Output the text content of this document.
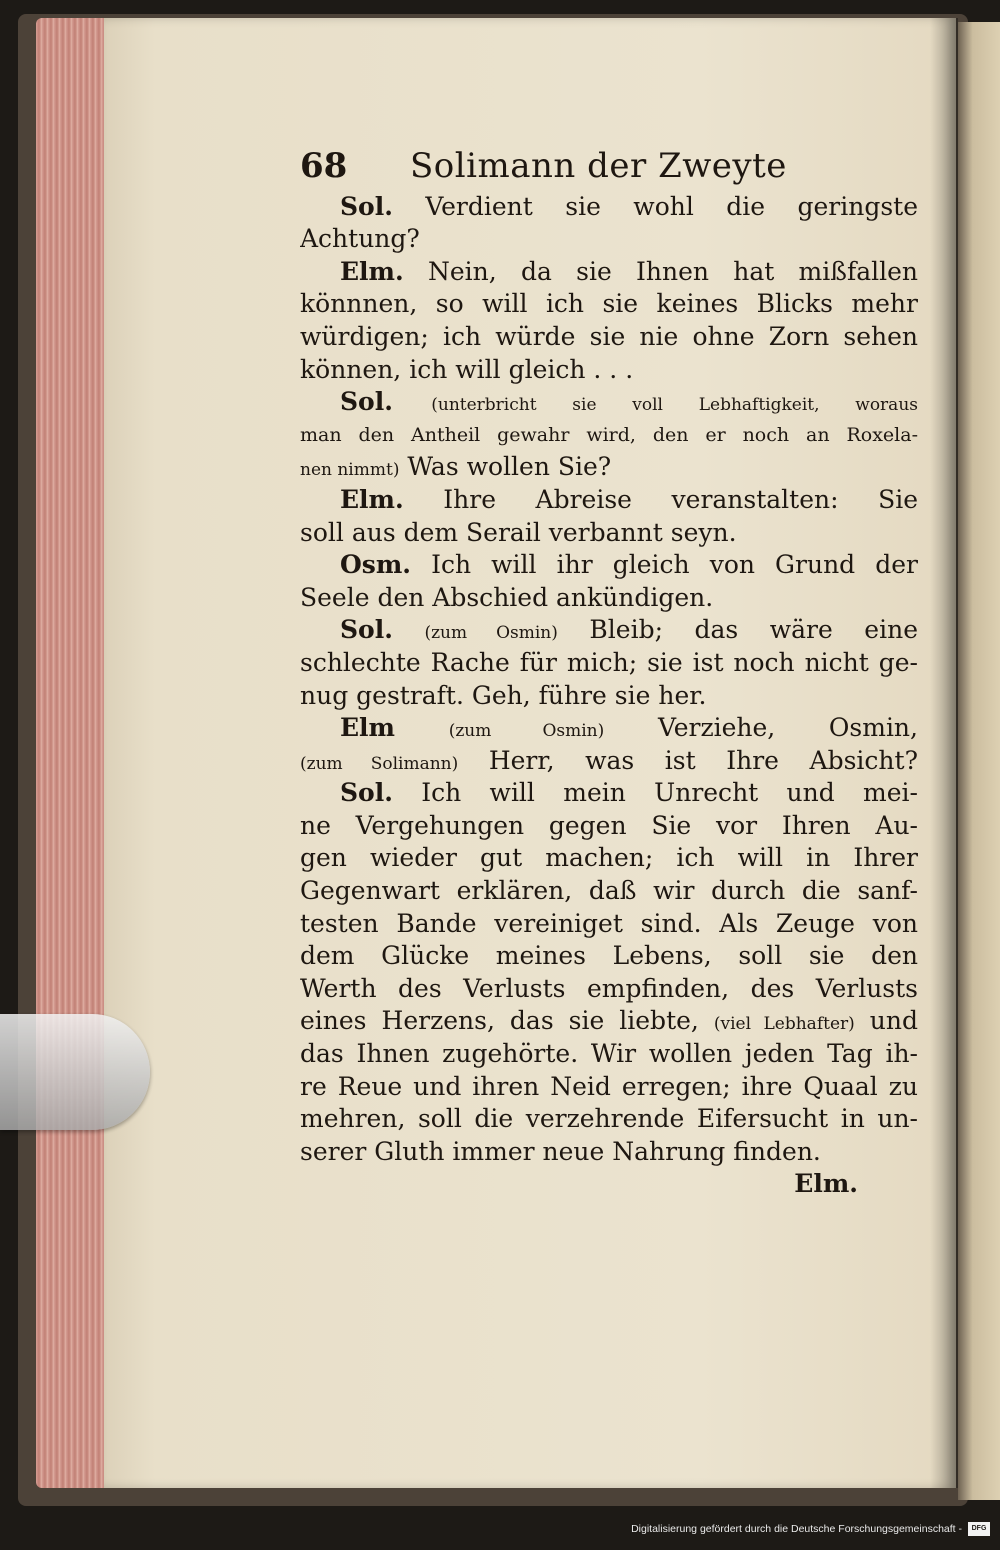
68	Solimann der Zweyte
Sol. Verdient sie wohl die geringste
Achtung?
Elm. Nein, da sie Ihnen hat mißfallen
könnnen, so will ich sie keines Blicks mehr
würdigen; ich würde sie nie ohne Zorn sehen
können, ich will gleich . . .
Sol. (unterbricht sie voll Lebhaftigkeit, woraus
man den Antheil gewahr wird, den er noch an Roxela-
nen nimmt) Was wollen Sie?
Elm. Ihre Abreise veranstalten: Sie
soll aus dem Serail verbannt seyn.
Osm. Ich will ihr gleich von Grund der
Seele den Abschied ankündigen.
Sol. (zum Osmin) Bleib; das wäre eine
schlechte Rache für mich; sie ist noch nicht ge-
nug gestraft. Geh, führe sie her.
Elm	(zum Osmin) Verziehe, Osmin,
(zum Solimann) Herr, was ist Ihre Absicht?
Sol. Ich will mein Unrecht und mei-
ne Vergehungen gegen Sie vor Ihren Au-
gen wieder gut machen; ich will in Ihrer
Gegenwart erklären, daß wir durch die sanf-
testen Bande vereiniget sind. Als Zeuge von
dem Glücke meines Lebens, soll sie den
Werth des Verlusts empfinden, des Verlusts
eines Herzens, das sie liebte, (viel Lebhafter) und
das Ihnen zugehörte. Wir wollen jeden Tag ih-
re Reue und ihren Neid erregen; ihre Quaal zu
mehren, soll die verzehrende Eifersucht in un-
serer Gluth immer neue Nahrung finden.
Elm.
Digitalisierung gefördert durch die Deutsche Forschungsgemeinschaft -	DFG
